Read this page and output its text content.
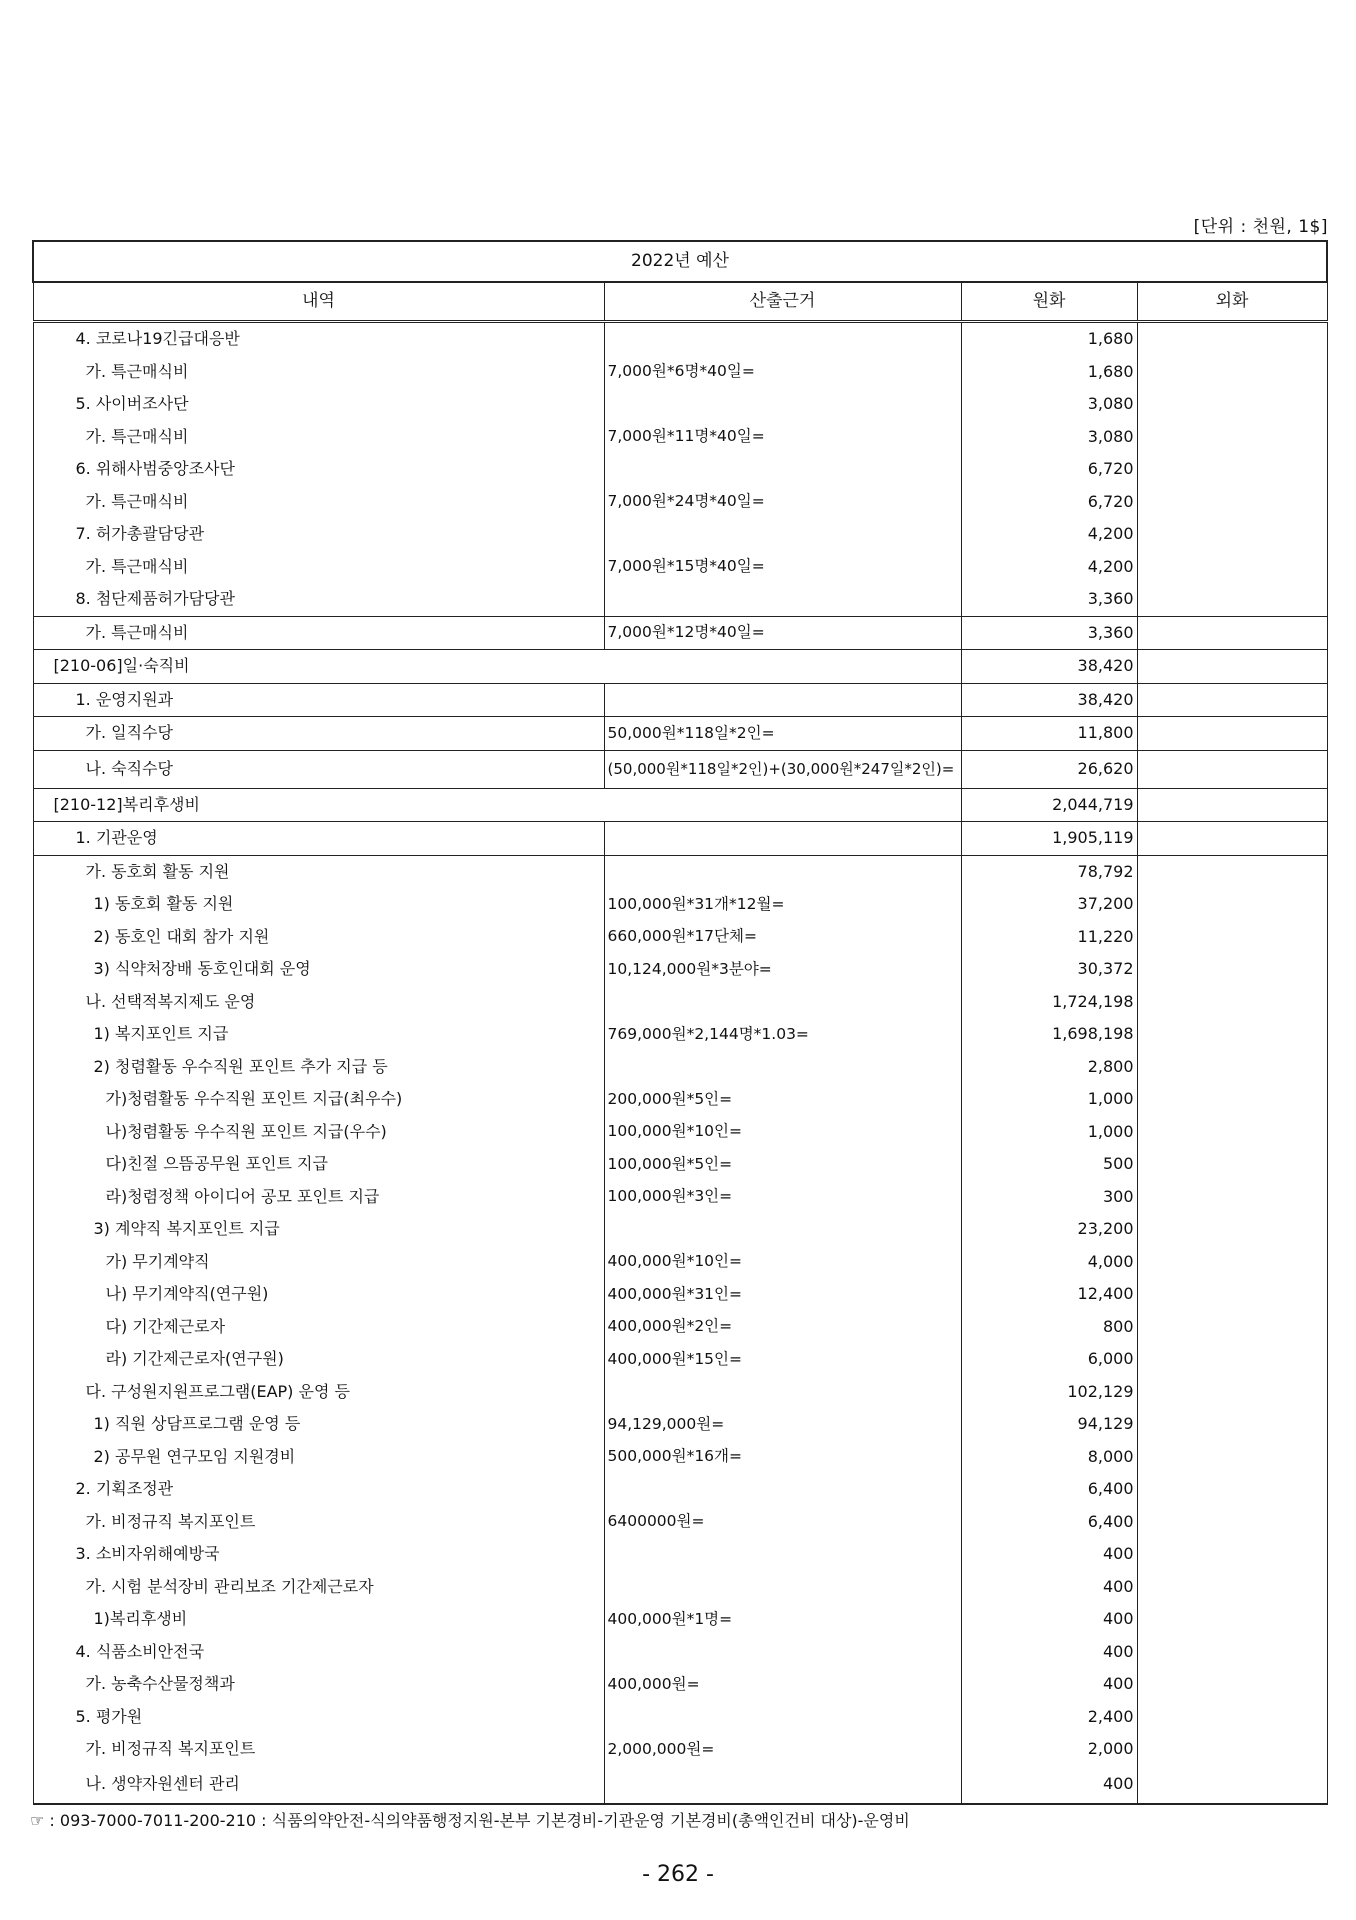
[단위 : 천원, 1$]
2022년 예산			
내역	산출근거	원화	외화
4. 코로나19긴급대응반		1,680	
가. 특근매식비	7,000원*6명*40일=	1,680	
5. 사이버조사단		3,080	
가. 특근매식비	7,000원*11명*40일=	3,080	
6. 위해사범중앙조사단		6,720	
가. 특근매식비	7,000원*24명*40일=	6,720	
7. 허가총괄담당관		4,200	
가. 특근매식비	7,000원*15명*40일=	4,200	
8. 첨단제품허가담당관		3,360	
가. 특근매식비	7,000원*12명*40일=	3,360	
[210-06]일·숙직비		38,420	
1. 운영지원과		38,420	
가. 일직수당	50,000원*118일*2인=	11,800	
나. 숙직수당	(50,000원*118일*2인)+(30,000원*247일*2인)=	26,620	
[210-12]복리후생비		2,044,719	
1. 기관운영		1,905,119	
가. 동호회 활동 지원		78,792	
1) 동호회 활동 지원	100,000원*31개*12월=	37,200	
2) 동호인 대회 참가 지원	660,000원*17단체=	11,220	
3) 식약처장배 동호인대회 운영	10,124,000원*3분야=	30,372	
나. 선택적복지제도 운영		1,724,198	
1) 복지포인트 지급	769,000원*2,144명*1.03=	1,698,198	
2) 청렴활동 우수직원 포인트 추가 지급 등		2,800	
가)청렴활동 우수직원 포인트 지급(최우수)	200,000원*5인=	1,000	
나)청렴활동 우수직원 포인트 지급(우수)	100,000원*10인=	1,000	
다)친절 으뜸공무원 포인트 지급	100,000원*5인=	500	
라)청렴정책 아이디어 공모 포인트 지급	100,000원*3인=	300	
3) 계약직 복지포인트 지급		23,200	
가) 무기계약직	400,000원*10인=	4,000	
나) 무기계약직(연구원)	400,000원*31인=	12,400	
다) 기간제근로자	400,000원*2인=	800	
라) 기간제근로자(연구원)	400,000원*15인=	6,000	
다. 구성원지원프로그램(EAP) 운영 등		102,129	
1) 직원 상담프로그램 운영 등	94,129,000원=	94,129	
2) 공무원 연구모임 지원경비	500,000원*16개=	8,000	
2. 기획조정관		6,400	
가. 비정규직 복지포인트	6400000원=	6,400	
3. 소비자위해예방국		400	
가. 시험 분석장비 관리보조 기간제근로자		400	
1)복리후생비	400,000원*1명=	400	
4. 식품소비안전국		400	
가. 농축수산물정책과	400,000원=	400	
5. 평가원		2,400	
가. 비정규직 복지포인트	2,000,000원=	2,000	
나. 생약자원센터 관리		400	
☞ : 093-7000-7011-200-210 : 식품의약안전-식의약품행정지원-본부 기본경비-기관운영 기본경비(총액인건비 대상)-운영비
- 262 -
